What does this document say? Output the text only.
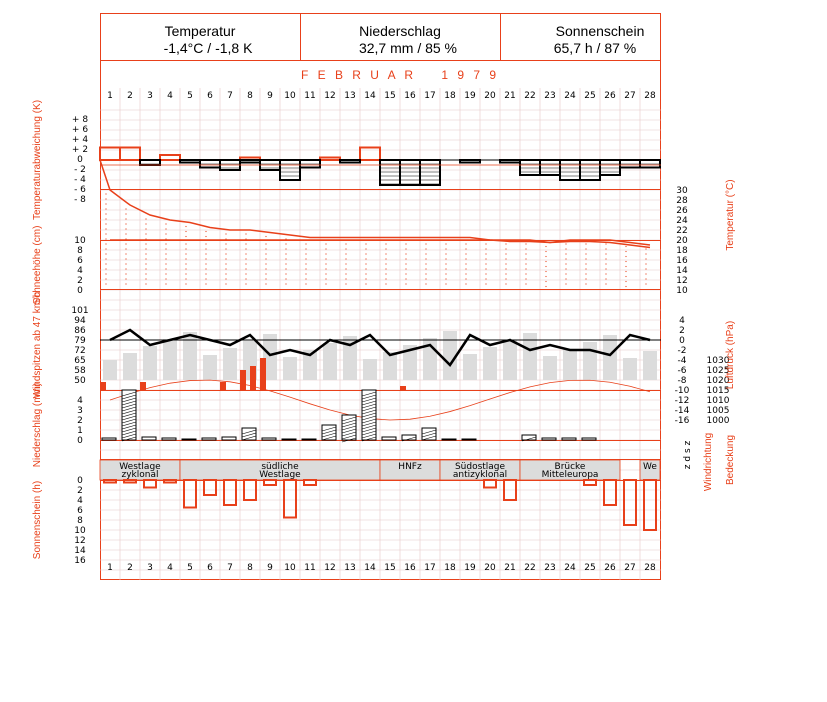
Temperatur
-1,4°C / -1,8 K
Niederschlag
32,7 mm / 85 %
Sonnenschein
65,7 h / 87 %
F E B R U A R    1 9 7 9
1 2 3 4 5 6 7 8 9 10 11 12 13 14 15 16 17 18 19 20 21 22 23 24 25 26 27 28
1 2 3 4 5 6 7 8 9 10 11 12 13 14 15 16 17 18 19 20 21 22 23 24 25 26 27 28
Westlage
zyklonal
südliche
Westlage
HNFz	Südostlage
antizyklonal
Brücke
Mitteleuropa
We
+ 8
+ 6
+ 4
+ 2
0
- 2
- 4
- 6
- 8
30
28
26
24
22
20
18
16
14
12
10
10
8
6
4
2
0
101
94
86
79
72
65
58
50
4
2
0
-2
-4
-6
-8
-10
-12
-14
-16
1030
1025
1020
1015
1010
1005
1000
4
3
2
1
0
0
2
4
6
8
10
12
14
16
Temperaturabweichung (K)
Schneehöhe (cm)
Windspitzen ab 47 km/h
Niederschlag (mm)
Sonnenschein (h)
Temperatur (°C)
Luftdruck (hPa)
Windrichtung Bedeckung
z d s z
